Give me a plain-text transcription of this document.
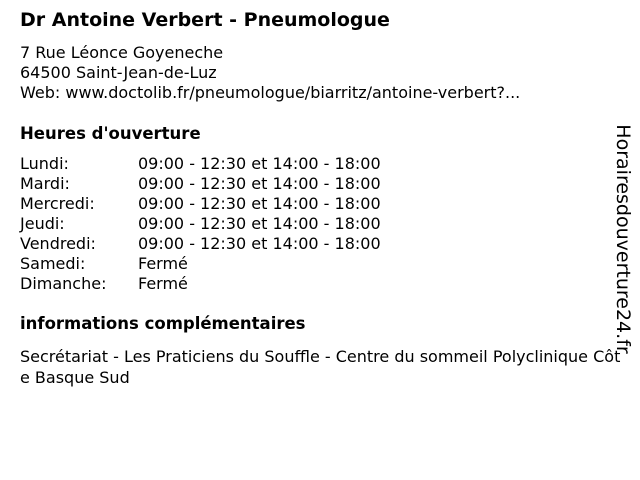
Dr Antoine Verbert - Pneumologue
7 Rue Léonce Goyeneche
64500 Saint-Jean-de-Luz
Web: www.doctolib.fr/pneumologue/biarritz/antoine-verbert?...
Heures d'ouverture
Lundi:	09:00 - 12:30 et 14:00 - 18:00
Mardi:	09:00 - 12:30 et 14:00 - 18:00
Mercredi:	09:00 - 12:30 et 14:00 - 18:00
Jeudi:	09:00 - 12:30 et 14:00 - 18:00
Vendredi:	09:00 - 12:30 et 14:00 - 18:00
Samedi:	Fermé
Dimanche:	Fermé
informations complémentaires
Secrétariat - Les Praticiens du Souffle - Centre du sommeil Polyclinique Côte Basque Sud
Horairesdouverture24.fr
